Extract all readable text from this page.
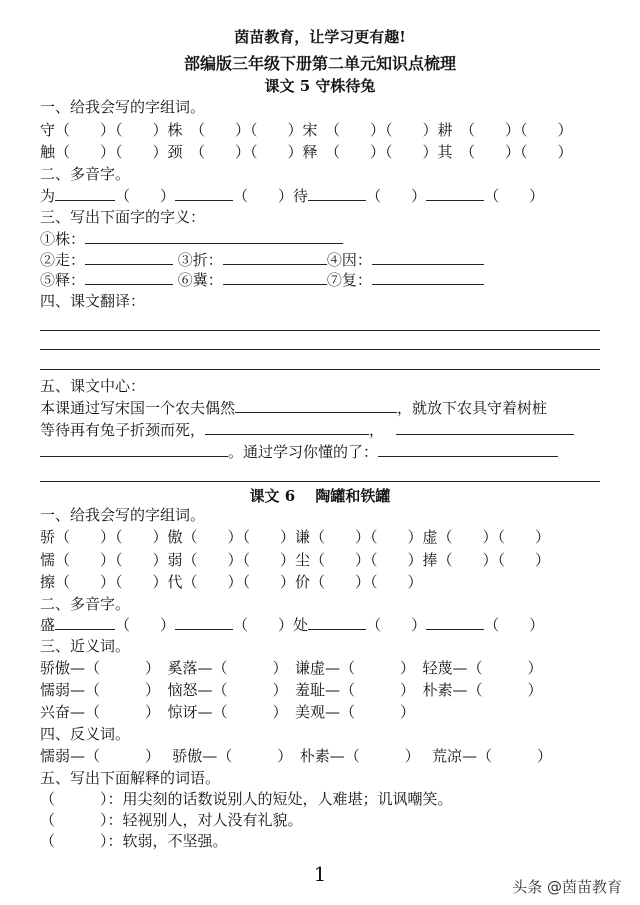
茵苗教育，让学习更有趣!
部编版三年级下册第二单元知识点梳理
课文 5 守株待兔
一、给我会写的字组词。
守（　　）（　　）株　（　　）（　　）宋　（　　）（　　）耕　（　　）（　　）
触（　　）（　　）颈　（　　）（　　）释　（　　）（　　）其　（　　）（　　）
二、多音字。
为	（　　）	（　　）待	（　　）	（　　）
三、写出下面字的字义：
①株：
②走：	③折：	④因：
⑤释：	⑥冀：	⑦复：
四、课文翻译：
五、课文中心：
本课通过写宋国一个农夫偶然	，就放下农具守着树桩
等待再有兔子折颈而死，	，
。通过学习你懂的了：
课文 6　 陶罐和铁罐
一、给我会写的字组词。
骄（　　）（　　）傲（　　）（　　）谦（　　）（　　）虚（　　）（　　）
懦（　　）（　　）弱（　　）（　　）尘（　　）（　　）捧（　　）（　　）
擦（　　）（　　）代（　　）（　　）价（　　）（　　）
二、多音字。
盛	（　　）	（　　）处	（　　）	（　　）
三、近义词。
骄傲—（　　　）　奚落—（　　　）　谦虚—（　　　）　轻蔑—（　　　）
懦弱—（　　　）　恼怒—（　　　）　羞耻—（　　　）　朴素—（　　　）
兴奋—（　　　）　惊讶—（　　　）　美观—（　　　）
四、反义词。
懦弱—（　　　）　 骄傲—（　　　）　朴素—（　　　）　 荒凉—（　　　）
五、写出下面解释的词语。
（　　　）：用尖刻的话数说别人的短处，人难堪；讥讽嘲笑。
（　　　）：轻视别人，对人没有礼貌。
（　　　）：软弱，不坚强。
1
头条 @茵苗教育
